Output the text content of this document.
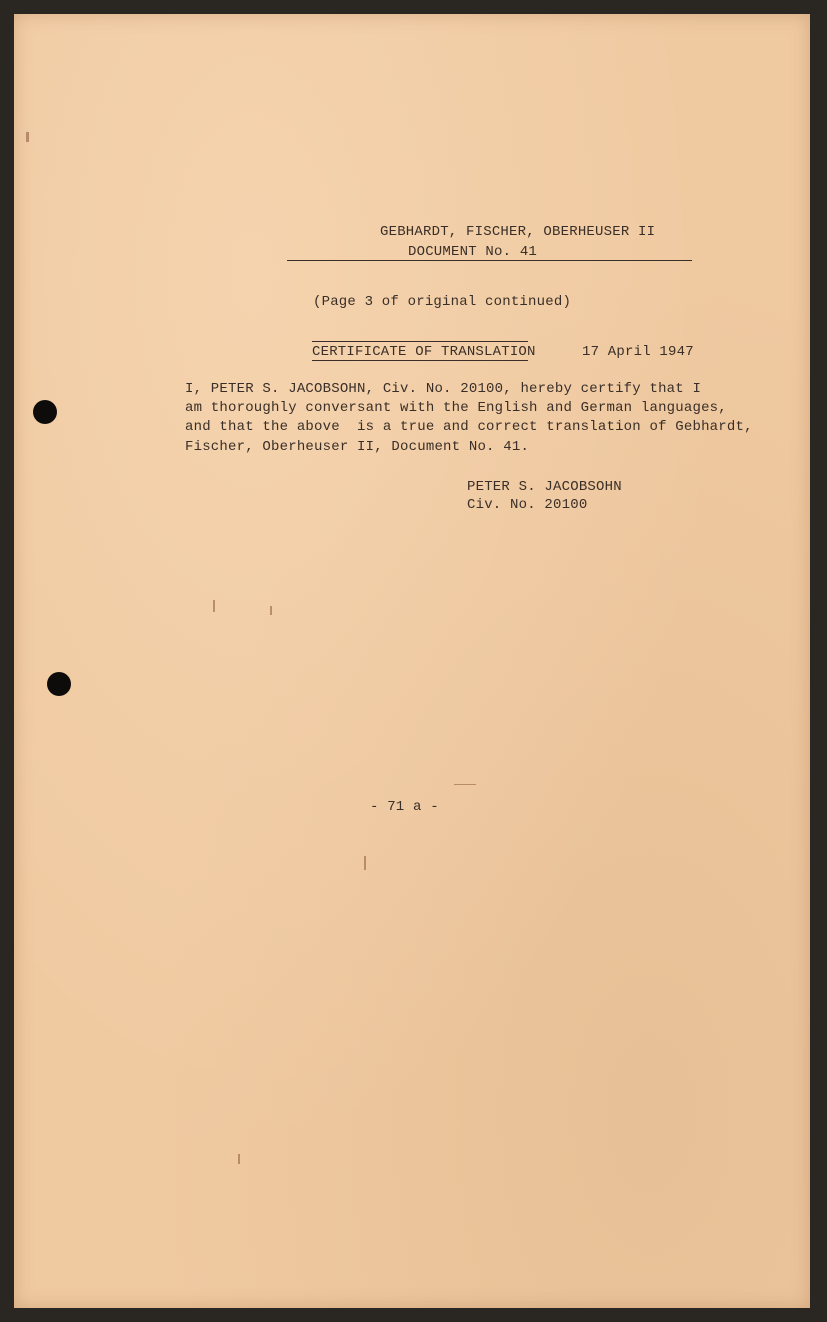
GEBHARDT, FISCHER, OBERHEUSER II
DOCUMENT No. 41
(Page 3 of original continued)
CERTIFICATE OF TRANSLATION	17 April 1947
I, PETER S. JACOBSOHN, Civ. No. 20100, hereby certify that I
am thoroughly conversant with the English and German languages,
and that the above  is a true and correct translation of Gebhardt,
Fischer, Oberheuser II, Document No. 41.
PETER S. JACOBSOHN
Civ. No. 20100
- 71 a -
